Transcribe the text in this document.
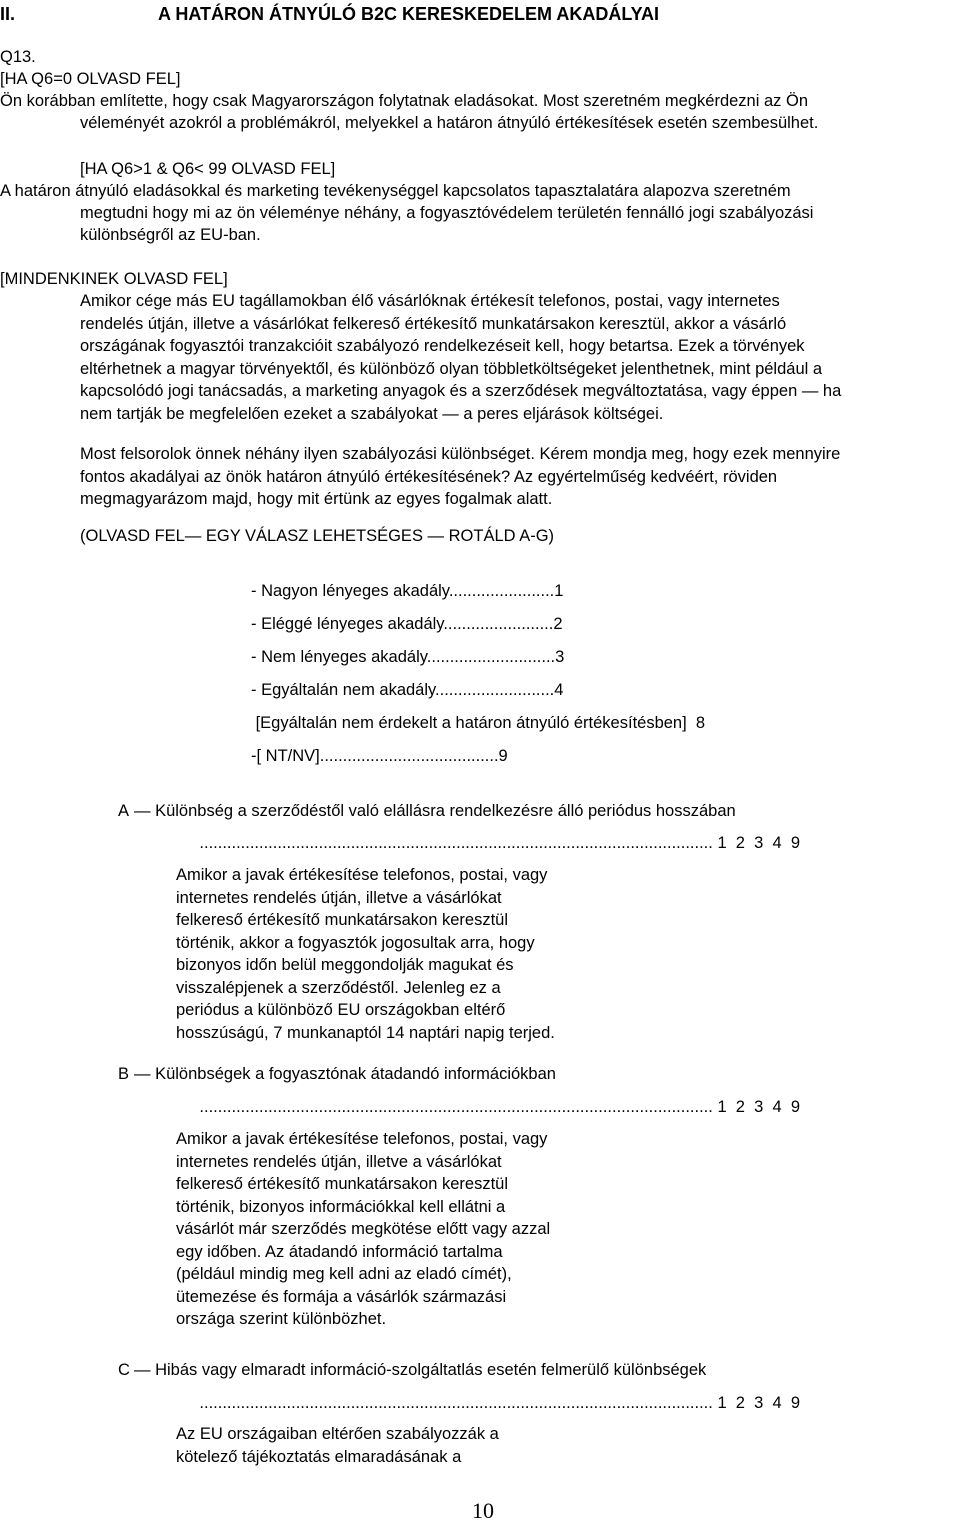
II.	A HATÁRON ÁTNYÚLÓ B2C KERESKEDELEM AKADÁLYAI
Q13.
[HA Q6=0 OLVASD FEL]
Ön korábban említette, hogy csak Magyarországon folytatnak eladásokat. Most szeretném megkérdezni az Ön
véleményét azokról a problémákról, melyekkel a határon átnyúló értékesítések esetén szembesülhet.
[HA Q6>1 & Q6< 99 OLVASD FEL]
A határon átnyúló eladásokkal és marketing tevékenységgel kapcsolatos tapasztalatára alapozva szeretném
megtudni hogy mi az ön véleménye néhány, a fogyasztóvédelem területén fennálló jogi szabályozási
különbségről az EU-ban.
[MINDENKINEK OLVASD FEL]
Amikor cége más EU tagállamokban élő vásárlóknak értékesít telefonos, postai, vagy internetes
rendelés útján, illetve a vásárlókat felkereső értékesítő munkatársakon keresztül, akkor a vásárló
országának fogyasztói tranzakcióit szabályozó rendelkezéseit kell, hogy betartsa. Ezek a törvények
eltérhetnek a magyar törvényektől, és különböző olyan többletköltségeket jelenthetnek, mint például a
kapcsolódó jogi tanácsadás, a marketing anyagok és a szerződések megváltoztatása, vagy éppen — ha
nem tartják be megfelelően ezeket a szabályokat — a peres eljárások költségei.
Most felsorolok önnek néhány ilyen szabályozási különbséget. Kérem mondja meg, hogy ezek mennyire
fontos akadályai az önök határon átnyúló értékesítésének? Az egyértelműség kedvéért, röviden
megmagyarázom majd, hogy mit értünk az egyes fogalmak alatt.
(OLVASD FEL— EGY VÁLASZ LEHETSÉGES — ROTÁLD A-G)
- Nagyon lényeges akadály.......................1
- Eléggé lényeges akadály........................2
- Nem lényeges akadály............................3
- Egyáltalán nem akadály..........................4
[Egyáltalán nem érdekelt a határon átnyúló értékesítésben]  8
-[ NT/NV].......................................9
A — Különbség a szerződéstől való elállásra rendelkezésre álló periódus hosszában
................................................................................................................ 1  2  3  4  9
Amikor a javak értékesítése telefonos, postai, vagy
internetes rendelés útján, illetve a vásárlókat
felkereső értékesítő munkatársakon keresztül
történik, akkor a fogyasztók jogosultak arra, hogy
bizonyos időn belül meggondolják magukat és
visszalépjenek a szerződéstől. Jelenleg ez a
periódus a különböző EU országokban eltérő
hosszúságú, 7 munkanaptól 14 naptári napig terjed.
B — Különbségek a fogyasztónak átadandó információkban
................................................................................................................ 1  2  3  4  9
Amikor a javak értékesítése telefonos, postai, vagy
internetes rendelés útján, illetve a vásárlókat
felkereső értékesítő munkatársakon keresztül
történik, bizonyos információkkal kell ellátni a
vásárlót már szerződés megkötése előtt vagy azzal
egy időben. Az átadandó információ tartalma
(például mindig meg kell adni az eladó címét),
ütemezése és formája a vásárlók származási
országa szerint különbözhet.
C — Hibás vagy elmaradt információ-szolgáltatlás esetén felmerülő különbségek
................................................................................................................ 1  2  3  4  9
Az EU országaiban eltérően szabályozzák a
kötelező tájékoztatás elmaradásának a
10
